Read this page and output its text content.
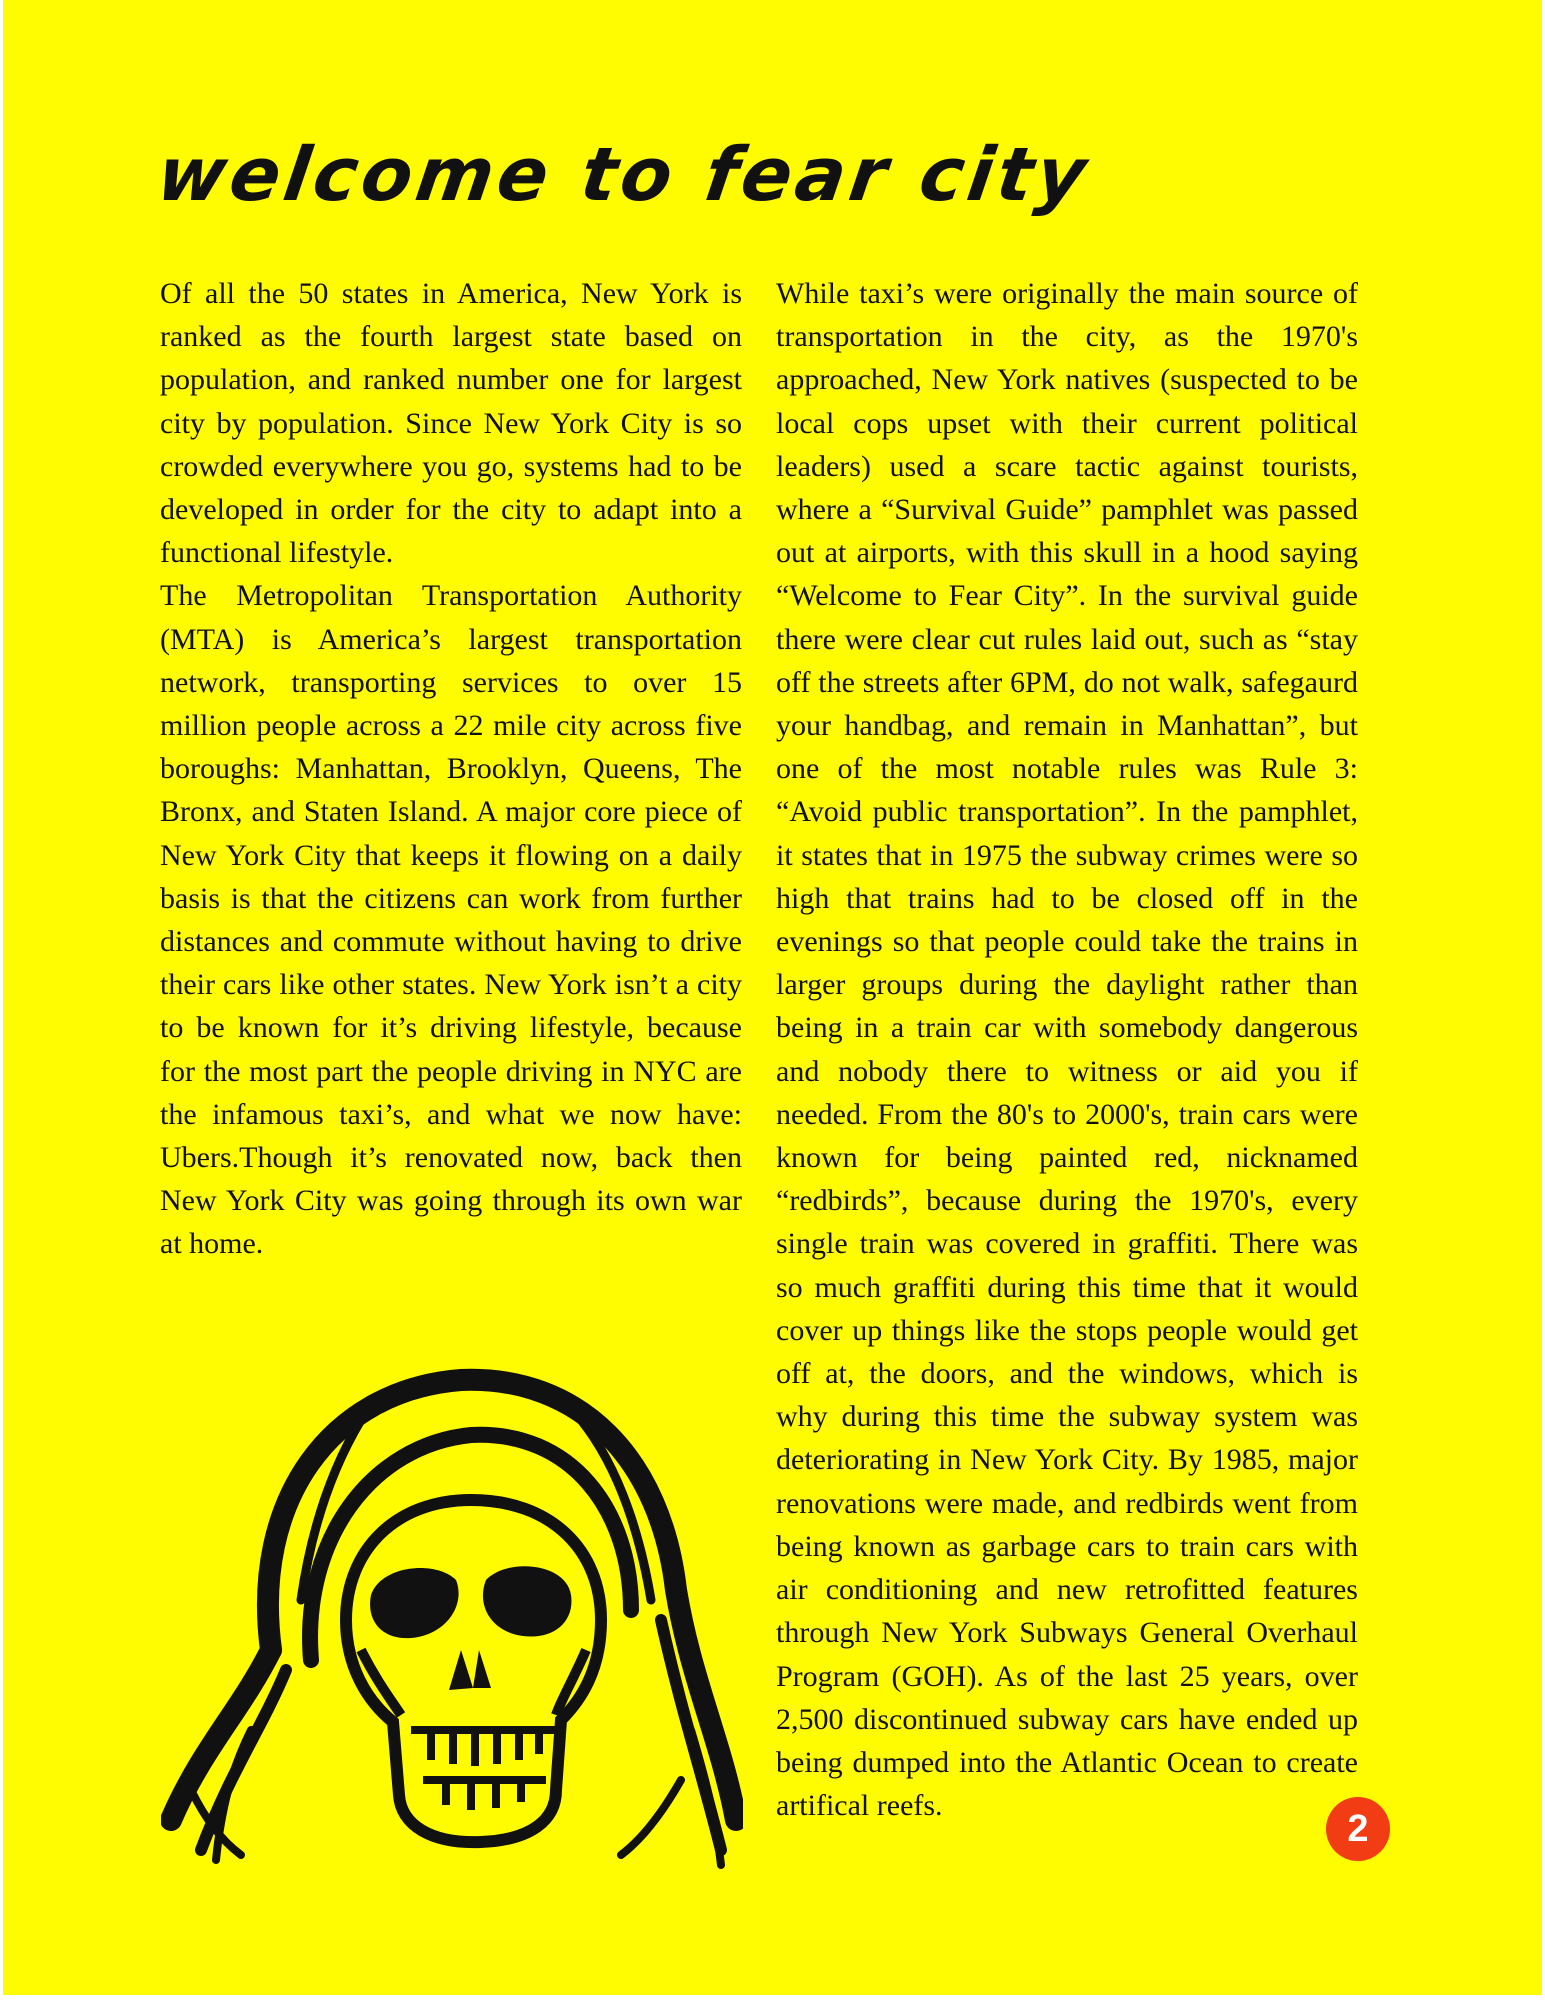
welcome to fear city

Of all the 50 states in America, New York is ranked as the fourth largest state based on population, and ranked number one for largest city by population. Since New York City is so crowded everywhere you go, systems had to be developed in order for the city to adapt into a functional lifestyle.

The Metropolitan Transportation Authority (MTA) is America’s largest transportation network, transporting services to over 15 million people across a 22 mile city across five boroughs: Manhattan, Brooklyn, Queens, The Bronx, and Staten Island. A major core piece of New York City that keeps it flowing on a daily basis is that the citizens can work from further distances and commute without having to drive their cars like other states. New York isn’t a city to be known for it’s driving lifestyle, because for the most part the people driving in NYC are the infamous taxi’s, and what we now have: Ubers.Though it’s renovated now, back then New York City was going through its own war at home.

While taxi’s were originally the main source of transportation in the city, as the 1970's approached, New York natives (suspected to be local cops upset with their current political leaders) used a scare tactic against tourists, where a “Survival Guide” pamphlet was passed out at airports, with this skull in a hood saying “Welcome to Fear City”. In the survival guide there were clear cut rules laid out, such as “stay off the streets after 6PM, do not walk, safegaurd your handbag, and remain in Manhattan”, but one of the most notable rules was Rule 3: “Avoid public transportation”. In the pamphlet, it states that in 1975 the subway crimes were so high that trains had to be closed off in the evenings so that people could take the trains in larger groups during the daylight rather than being in a train car with somebody dangerous and nobody there to witness or aid you if needed. From the 80's to 2000's, train cars were known for being painted red, nicknamed “redbirds”, because during the 1970's, every single train was covered in graffiti. There was so much graffiti during this time that it would cover up things like the stops people would get off at, the doors, and the windows, which is why during this time the subway system was deteriorating in New York City. By 1985, major renovations were made, and redbirds went from being known as garbage cars to train cars with air conditioning and new retrofitted features through New York Subways General Overhaul Program (GOH). As of the last 25 years, over 2,500 discontinued subway cars have ended up being dumped into the Atlantic Ocean to create artifical reefs.

2
